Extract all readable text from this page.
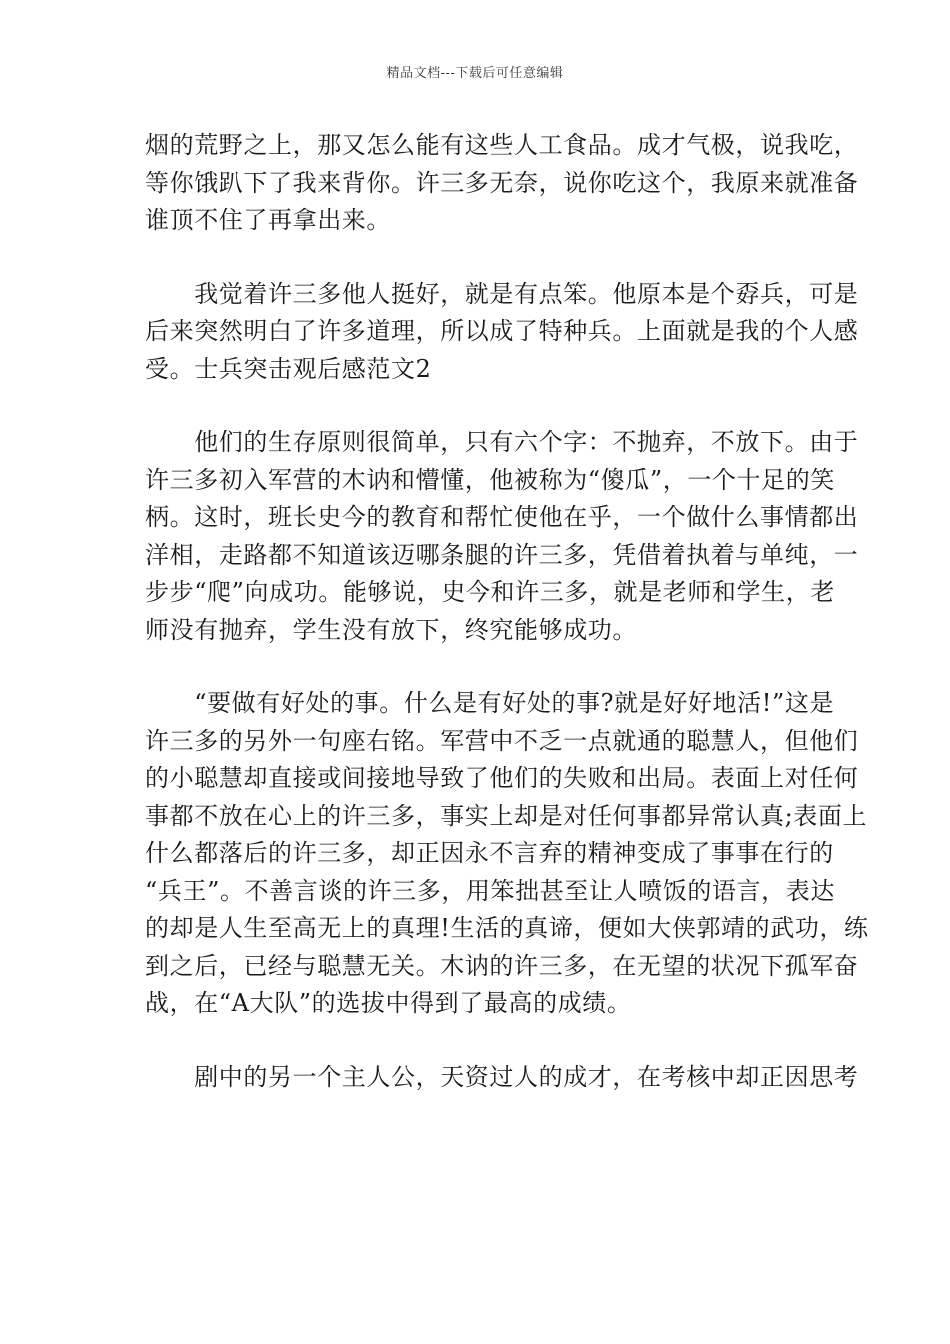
精品文档---下载后可任意编辑
烟的荒野之上，那又怎么能有这些人工食品。成才气极，说我吃，
等你饿趴下了我来背你。许三多无奈，说你吃这个，我原来就准备
谁顶不住了再拿出来。
　　我觉着许三多他人挺好，就是有点笨。他原本是个孬兵，可是
后来突然明白了许多道理，所以成了特种兵。上面就是我的个人感
受。士兵突击观后感范文2
　　他们的生存原则很简单，只有六个字：不抛弃，不放下。由于
许三多初入军营的木讷和懵懂，他被称为“傻瓜”，一个十足的笑
柄。这时，班长史今的教育和帮忙使他在乎，一个做什么事情都出
洋相，走路都不知道该迈哪条腿的许三多，凭借着执着与单纯，一
步步“爬”向成功。能够说，史今和许三多，就是老师和学生，老
师没有抛弃，学生没有放下，终究能够成功。
　　“要做有好处的事。什么是有好处的事?就是好好地活!”这是
许三多的另外一句座右铭。军营中不乏一点就通的聪慧人，但他们
的小聪慧却直接或间接地导致了他们的失败和出局。表面上对任何
事都不放在心上的许三多，事实上却是对任何事都异常认真;表面上
什么都落后的许三多，却正因永不言弃的精神变成了事事在行的
“兵王”。不善言谈的许三多，用笨拙甚至让人喷饭的语言，表达
的却是人生至高无上的真理!生活的真谛，便如大侠郭靖的武功，练
到之后，已经与聪慧无关。木讷的许三多，在无望的状况下孤军奋
战，在“A大队”的选拔中得到了最高的成绩。
　　剧中的另一个主人公，天资过人的成才，在考核中却正因思考
